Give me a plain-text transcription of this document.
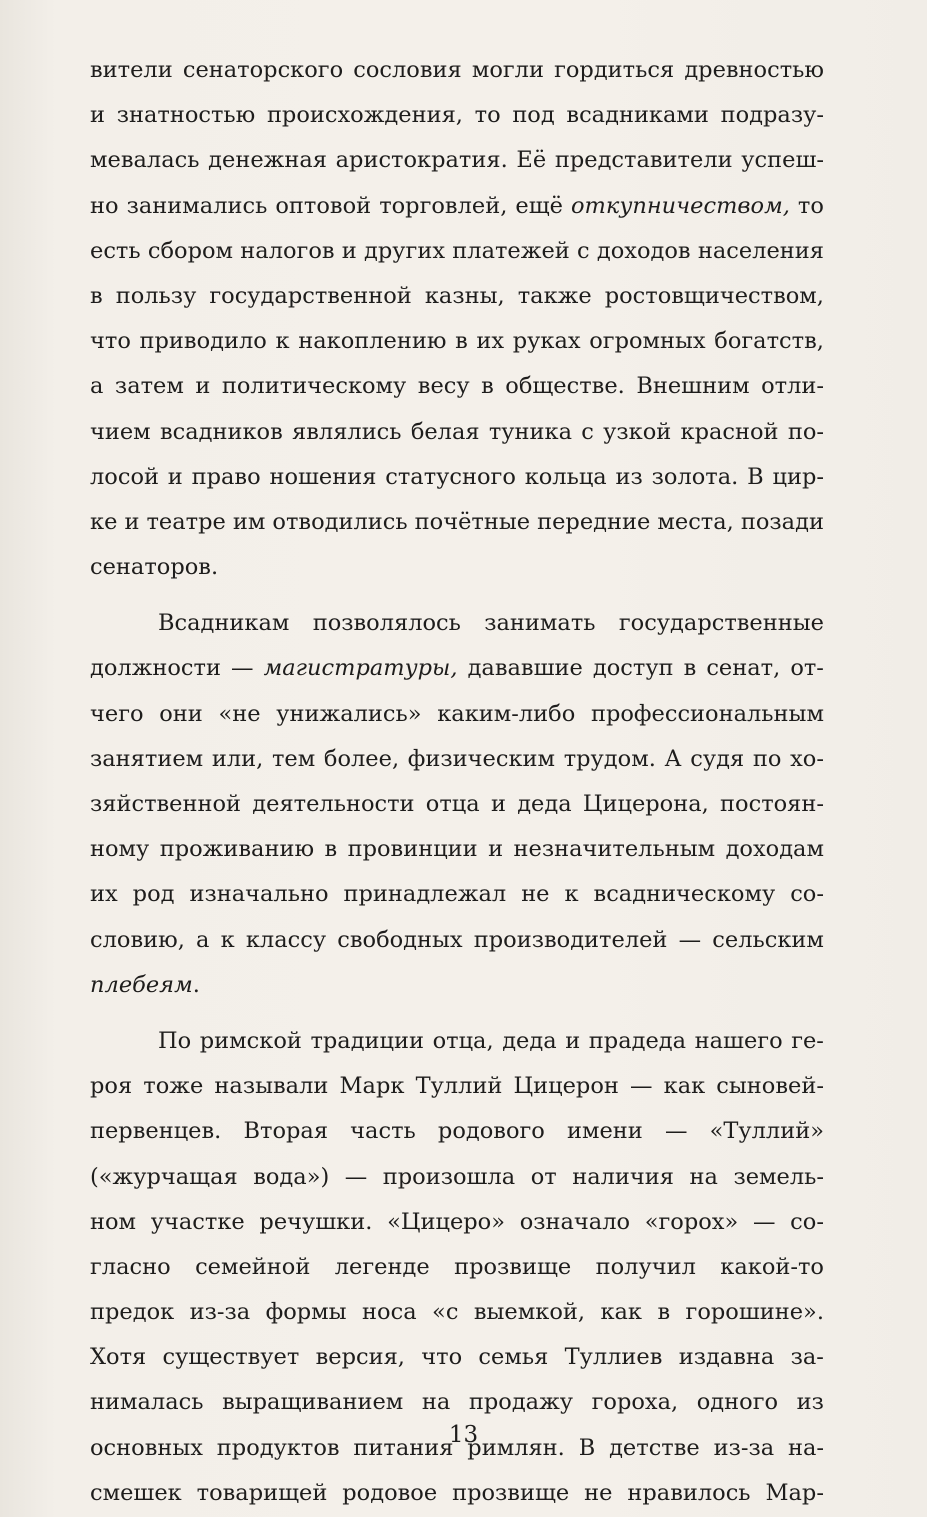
вители сенаторского сословия могли гордиться древностью
и знатностью происхождения, то под всадниками подразу-
мевалась денежная аристократия. Её представители успеш-
но занимались оптовой торговлей, ещё откупничеством, то
есть сбором налогов и других платежей с доходов населения
в пользу государственной казны, также ростовщичеством,
что приводило к накоплению в их руках огромных богатств,
а затем и политическому весу в обществе. Внешним отли-
чием всадников являлись белая туника с узкой красной по-
лосой и право ношения статусного кольца из золота. В цир-
ке и театре им отводились почётные передние места, позади
сенаторов.
Всадникам позволялось занимать государственные
должности — магистратуры, дававшие доступ в сенат, от-
чего они «не унижались» каким-либо профессиональным
занятием или, тем более, физическим трудом. А судя по хо-
зяйственной деятельности отца и деда Цицерона, постоян-
ному проживанию в провинции и незначительным доходам
их род изначально принадлежал не к всадническому со-
словию, а к классу свободных производителей — сельским
плебеям .
По римской традиции отца, деда и прадеда нашего ге-
роя тоже называли Марк Туллий Цицерон — как сыновей-
первенцев. Вторая часть родового имени — «Туллий»
(«журчащая вода») — произошла от наличия на земель-
ном участке речушки. «Цицеро» означало «горох» — со-
гласно семейной легенде прозвище получил какой-то
предок из-за формы носа «с выемкой, как в горошине».
Хотя существует версия, что семья Туллиев издавна за-
нималась выращиванием на продажу гороха, одного из
основных продуктов питания римлян. В детстве из-за на-
смешек товарищей родовое прозвище не нравилось Мар-
13
